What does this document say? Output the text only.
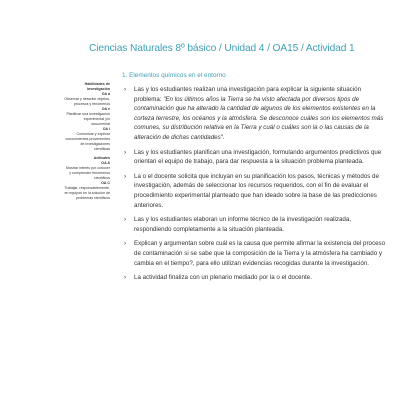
Ciencias Naturales 8º básico / Unidad 4 / OA15 / Actividad 1
Habilidades de
investigación
OA a
Observar y describir objetos,
procesos y fenómenos
OA e
Planificar una investigación
experimental y/o
documental
OA i
Comunicar y explicar
conocimientos provenientes
de investigaciones
científicas
Actitudes
OA A
Mostrar interés por conocer
y comprender fenómenos
científicos
OA C
Trabajar, responsablemente,
en equipos en la solución de
problemas científicos
1. Elementos químicos en el entorno
› Las y los estudiantes realizan una investigación para explicar la siguiente situación problema: "En los últimos años la Tierra se ha visto afectada por diversos tipos de contaminación que ha alterado la cantidad de algunos de los elementos existentes en la corteza terrestre, los océanos y la atmósfera. Se desconoce cuáles son los elementos más comunes, su distribución relativa en la Tierra y cuál o cuáles son la o las causas de la alteración de dichas cantidades".
› Las y los estudiantes planifican una investigación, formulando argumentos predictivos que orientan el equipo de trabajo, para dar respuesta a la situación problema planteada.
› La o el docente solicita que incluyan en su planificación los pasos, técnicas y métodos de investigación, además de seleccionar los recursos requeridos, con el fin de evaluar el procedimiento experimental planteado que han ideado sobre la base de las predicciones anteriores.
› Las y los estudiantes elaboran un informe técnico de la investigación realizada, respondiendo completamente a la situación planteada.
› Explican y argumentan sobre cuál es la causa que permite afirmar la existencia del proceso de contaminación si se sabe que la composición de la Tierra y la atmósfera ha cambiado y cambia en el tiempo?, para ello utilizan evidencias recogidas durante la investigación.
› La actividad finaliza con un plenario mediado por la o el docente.
